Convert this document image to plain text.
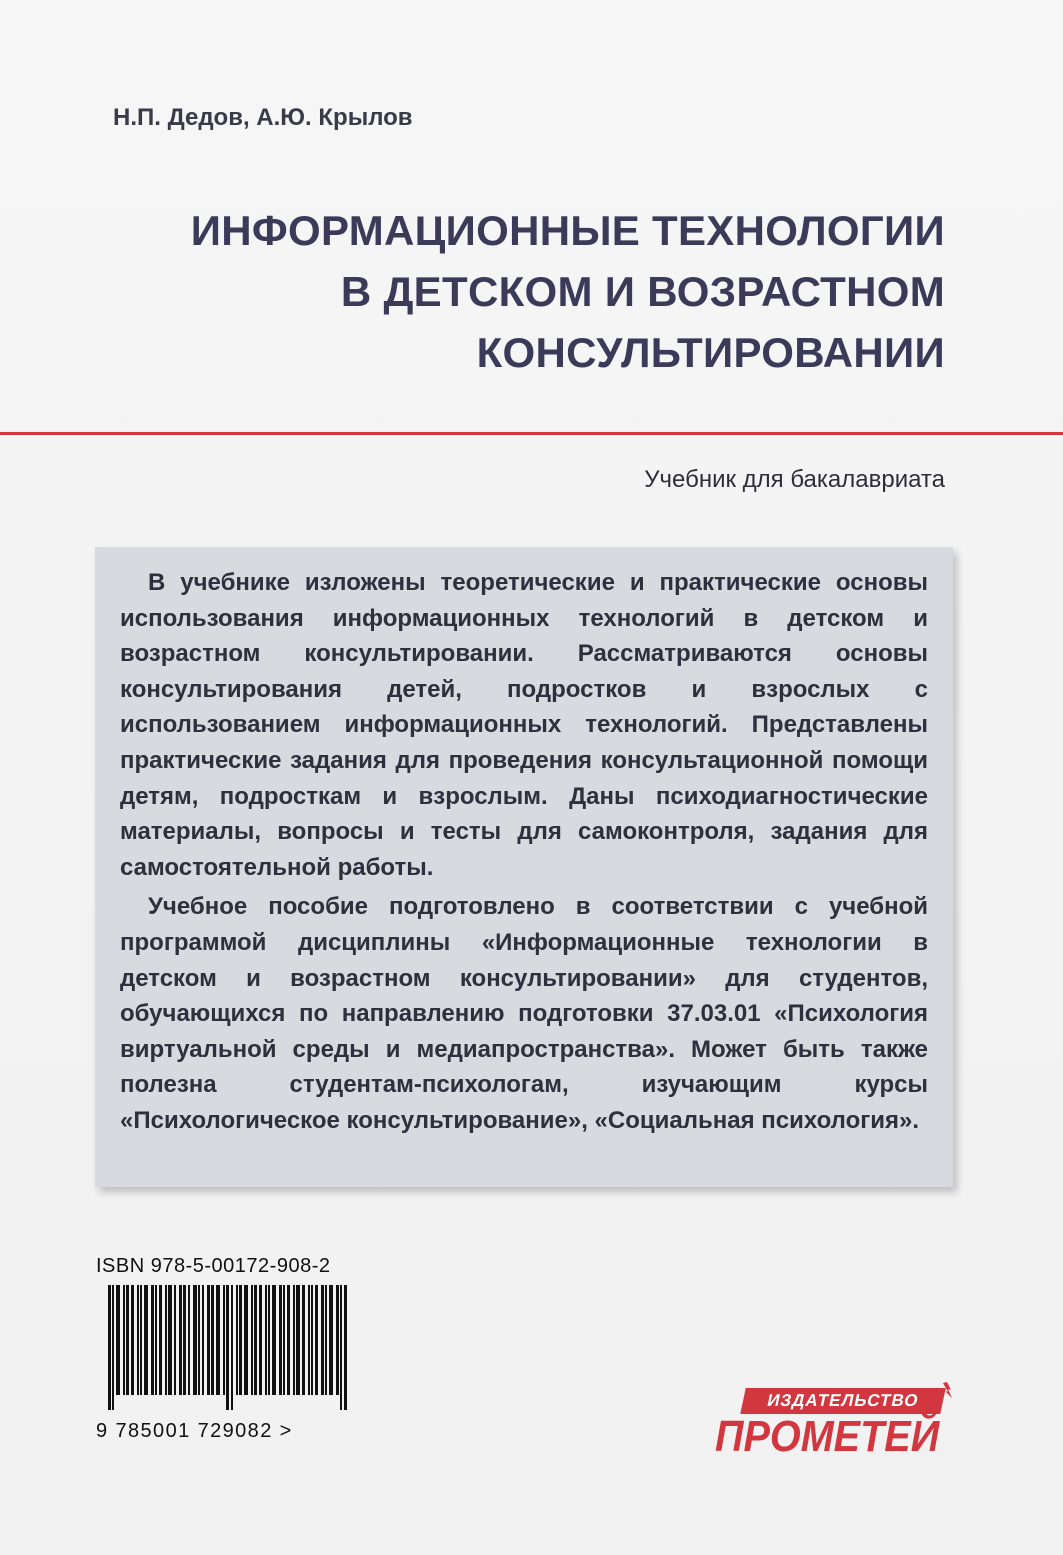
Н.П. Дедов, А.Ю. Крылов
ИНФОРМАЦИОННЫЕ ТЕХНОЛОГИИ
В ДЕТСКОМ И ВОЗРАСТНОМ
КОНСУЛЬТИРОВАНИИ
Учебник для бакалавриата

В учебнике изложены теоретические и практические основы использования информационных технологий в детском и возрастном консультировании. Рассматриваются основы консультирования детей, подростков и взрослых с использованием информационных технологий. Представлены практические задания для проведения консультационной помощи детям, подросткам и взрослым. Даны психодиагностические материалы, вопросы и тесты для самоконтроля, задания для самостоятельной работы.

Учебное пособие подготовлено в соответствии с учебной программой дисциплины «Информационные технологии в детском и возрастном консультировании» для студентов, обучающихся по направлению подготовки 37.03.01 «Психология виртуальной среды и медиапространства». Может быть также полезна студентам-психологам, изучающим курсы «Психологическое консультирование», «Социальная психология».

ISBN 978-5-00172-908-2
9 785001 729082 >
ИЗДАТЕЛЬСТВО
ПРОМЕТЕЙ
